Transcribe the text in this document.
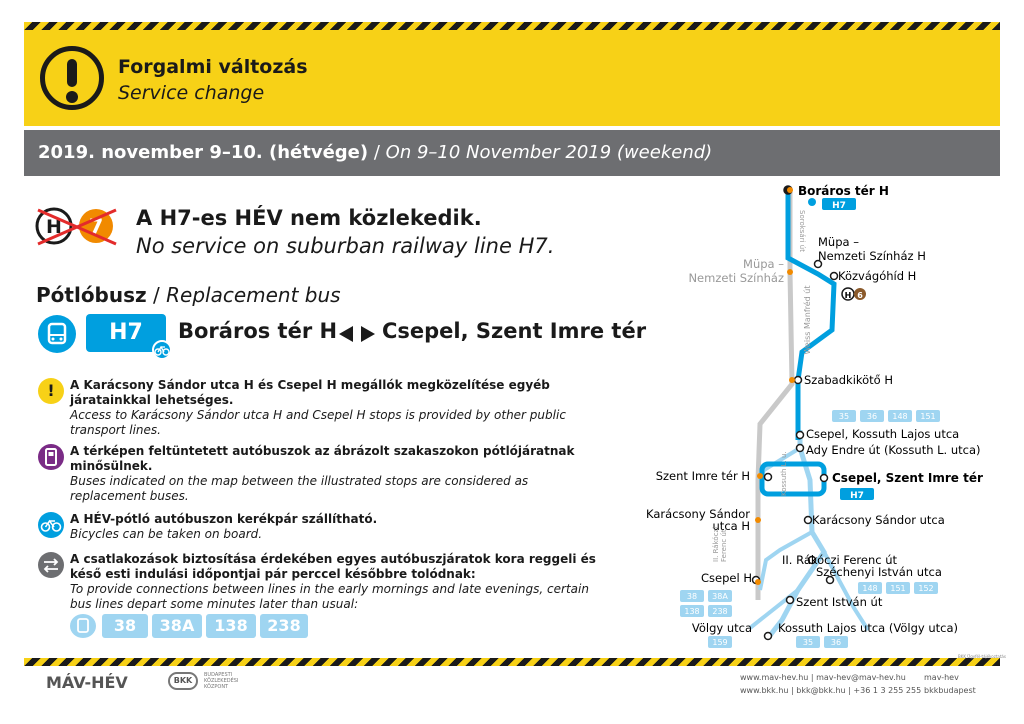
Forgalmi változás
Service change
2019. november 9–10. (hétvége) / On 9–10 November 2019 (weekend)
H 7 A H7-es HÉV nem közlekedik.
No service on suburban railway line H7.
Pótlóbusz / Replacement bus
H7	Boráros tér H Csepel, Szent Imre tér
!	A Karácsony Sándor utca H és Csepel H megállók megközelítése egyéb járatainkkal lehetséges.
Access to Karácsony Sándor utca H and Csepel H stops is provided by other public transport lines.
A térképen feltüntetett autóbuszok az ábrázolt szakaszokon pótlójáratnak minősülnek.
Buses indicated on the map between the illustrated stops are considered as replacement buses.
A HÉV-pótló autóbuszon kerékpár szállítható.
Bicycles can be taken on board.
A csatlakozások biztosítása érdekében egyes autóbuszjáratok kora reggeli és késő esti indulási időpontjai pár perccel későbbre tolódnak:
To provide connections between lines in the early mornings and late evenings, certain bus lines depart some minutes later than usual:
38	38A	138	238
Boráros tér H
H7
Müpa –
Nemzeti Színház H
Müpa –
Nemzeti Színház	Közvágóhíd H
H 6
Szabadkikötő H
Soroksári út
Weiss Manfréd út
35 36 148 151
Csepel, Kossuth Lajos utca
Ady Endre út (Kossuth L. utca)
Szent Imre tér H	Csepel, Szent Imre tér
H7
Karácsony Sándor
utca H	Karácsony Sándor utca
Kossuth L. u.
II. Rákóczi Ferenc út	II. Rákóczi Ferenc út
Széchenyi István utca
148 151 152
Csepel H
38 38A
138 238
Szent István út
Völgy utca
159
Kossuth Lajos utca (Völgy utca)
35 36
BKK Ügyfél-tájékoztatás
MÁV-HÉV	BKK
BUDAPESTI KÖZLEKEDÉSI KÖZPONT
www.mav-hev.hu | mav-hev@mav-hev.hu
www.bkk.hu | bkk@bkk.hu | +36 1 3 255 255
mav-hev
bkkbudapest
